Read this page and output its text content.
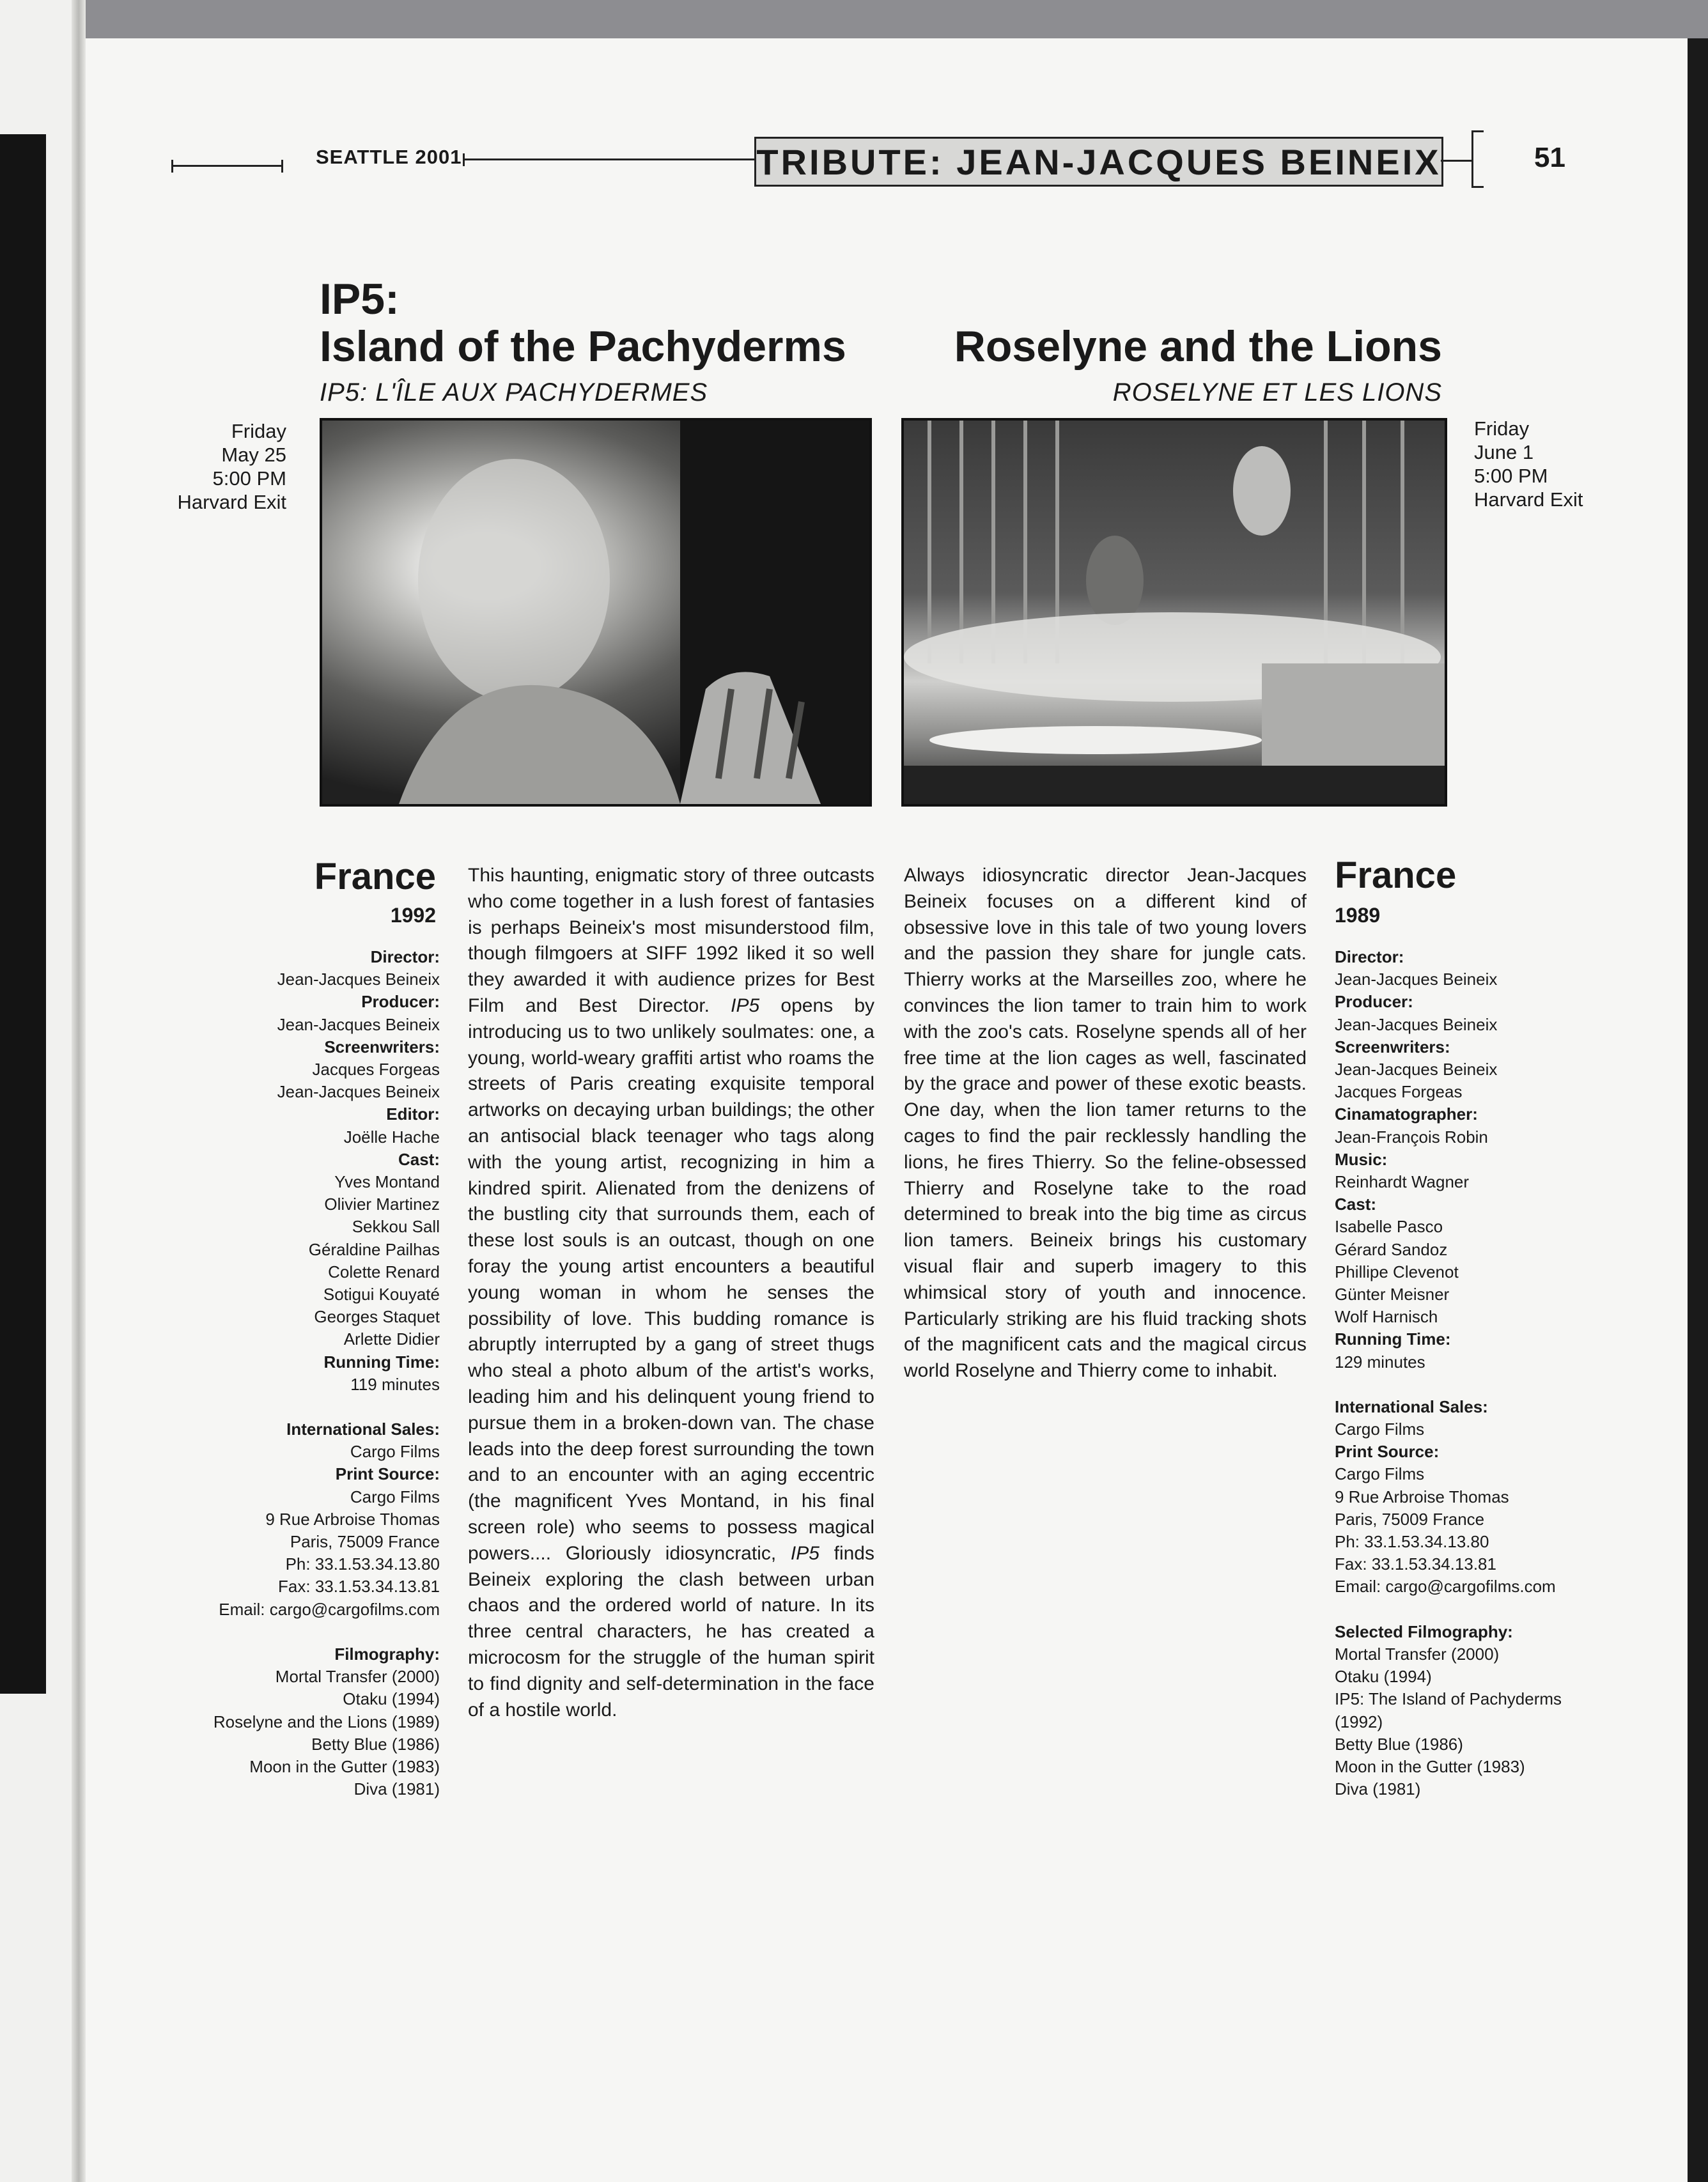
SEATTLE 2001	TRIBUTE: JEAN-JACQUES BEINEIX	51
IP5:
Island of the Pachyderms
IP5: L'ÎLE AUX PACHYDERMES
Roselyne and the Lions
ROSELYNE ET LES LIONS
Friday
May 25
5:00 PM
Harvard Exit
Friday
June 1
5:00 PM
Harvard Exit
France
1992
France
1989
Director:
Jean-Jacques Beineix
Producer:
Jean-Jacques Beineix
Screenwriters:
Jacques Forgeas
Jean-Jacques Beineix
Editor:
Joëlle Hache
Cast:
Yves Montand
Olivier Martinez
Sekkou Sall
Géraldine Pailhas
Colette Renard
Sotigui Kouyaté
Georges Staquet
Arlette Didier
Running Time:
119 minutes
International Sales:
Cargo Films
Print Source:
Cargo Films
9 Rue Arbroise Thomas
Paris, 75009 France
Ph: 33.1.53.34.13.80
Fax: 33.1.53.34.13.81
Email: cargo@cargofilms.com
Filmography:
Mortal Transfer (2000)
Otaku (1994)
Roselyne and the Lions (1989)
Betty Blue (1986)
Moon in the Gutter (1983)
Diva (1981)
Director:
Jean-Jacques Beineix
Producer:
Jean-Jacques Beineix
Screenwriters:
Jean-Jacques Beineix
Jacques Forgeas
Cinamatographer:
Jean-François Robin
Music:
Reinhardt Wagner
Cast:
Isabelle Pasco
Gérard Sandoz
Phillipe Clevenot
Günter Meisner
Wolf Harnisch
Running Time:
129 minutes
International Sales:
Cargo Films
Print Source:
Cargo Films
9 Rue Arbroise Thomas
Paris, 75009 France
Ph: 33.1.53.34.13.80
Fax: 33.1.53.34.13.81
Email: cargo@cargofilms.com
Selected Filmography:
Mortal Transfer (2000)
Otaku (1994)
IP5: The Island of Pachyderms
(1992)
Betty Blue (1986)
Moon in the Gutter (1983)
Diva (1981)

This haunting, enigmatic story of three outcasts who come together in a lush forest of fantasies is perhaps Beineix's most misunderstood film, though filmgoers at SIFF 1992 liked it so well they awarded it with audience prizes for Best Film and Best Director. IP5 opens by introducing us to two unlikely soulmates: one, a young, world-weary graffiti artist who roams the streets of Paris creating exquisite temporal artworks on decaying urban buildings; the other an antisocial black teenager who tags along with the young artist, recognizing in him a kindred spirit. Alienated from the denizens of the bustling city that surrounds them, each of these lost souls is an outcast, though on one foray the young artist encounters a beautiful young woman in whom he senses the possibility of love. This budding romance is abruptly interrupted by a gang of street thugs who steal a photo album of the artist's works, leading him and his delinquent young friend to pursue them in a broken-down van. The chase leads into the deep forest surrounding the town and to an encounter with an aging eccentric (the magnificent Yves Montand, in his final screen role) who seems to possess magical powers.... Gloriously idiosyncratic, IP5 finds Beineix exploring the clash between urban chaos and the ordered world of nature. In its three central characters, he has created a microcosm for the struggle of the human spirit to find dignity and self-determination in the face of a hostile world.

Always idiosyncratic director Jean-Jacques Beineix focuses on a different kind of obsessive love in this tale of two young lovers and the passion they share for jungle cats. Thierry works at the Marseilles zoo, where he convinces the lion tamer to train him to work with the zoo's cats. Roselyne spends all of her free time at the lion cages as well, fascinated by the grace and power of these exotic beasts. One day, when the lion tamer returns to the cages to find the pair recklessly handling the lions, he fires Thierry. So the feline-obsessed Thierry and Roselyne take to the road determined to break into the big time as circus lion tamers. Beineix brings his customary visual flair and superb imagery to this whimsical story of youth and innocence. Particularly striking are his fluid tracking shots of the magnificent cats and the magical circus world Roselyne and Thierry come to inhabit.
